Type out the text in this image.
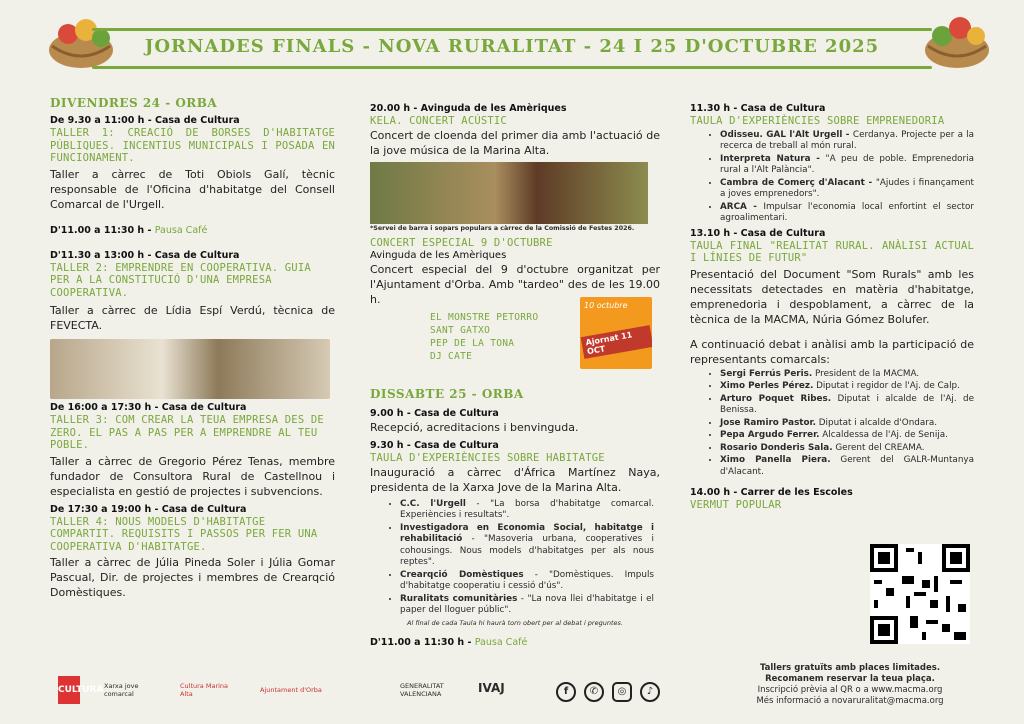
JORNADES FINALS - NOVA RURALITAT - 24 I 25 D'OCTUBRE 2025
DIVENDRES 24 - ORBA
De 9.30 a 11:00 h - Casa de Cultura
TALLER 1: CREACIÓ DE BORSES D'HABITATGE PÚBLIQUES. INCENTIUS MUNICIPALS I POSADA EN FUNCIONAMENT.
Taller a càrrec de Toti Obiols Galí, tècnic responsable de l'Oficina d'habitatge del Consell Comarcal de l'Urgell.
D'11.00 a 11:30 h - Pausa Café
D'11.30 a 13:00 h - Casa de Cultura
TALLER 2: EMPRENDRE EN COOPERATIVA. GUIA PER A LA CONSTITUCIÓ D'UNA EMPRESA COOPERATIVA.
Taller a càrrec de Lídia Espí Verdú, tècnica de FEVECTA.
De 16:00 a 17:30 h - Casa de Cultura
TALLER 3: COM CREAR LA TEUA EMPRESA DES DE ZERO. EL PAS A PAS PER A EMPRENDRE AL TEU POBLE.
Taller a càrrec de Gregorio Pérez Tenas, membre fundador de Consultora Rural de Castellnou i especialista en gestió de projectes i subvencions.
De 17:30 a 19:00 h - Casa de Cultura
TALLER 4: NOUS MODELS D'HABITATGE COMPARTIT. REQUISITS I PASSOS PER FER UNA COOPERATIVA D'HABITATGE.
Taller a càrrec de Júlia Pineda Soler i Júlia Gomar Pascual, Dir. de projectes i membres de Crearqció Domèstiques.
20.00 h - Avinguda de les Amèriques
KELA. CONCERT ACÚSTIC
Concert de cloenda del primer dia amb l'actuació de la jove música de la Marina Alta.
*Servei de barra i sopars populars a càrrec de la Comissió de Festes 2026.
CONCERT ESPECIAL 9 D'OCTUBRE
Avinguda de les Amèriques
Concert especial del 9 d'octubre organitzat per l'Ajuntament d'Orba. Amb "tardeo" des de les 19.00 h.
EL MONSTRE PETORRO
SANT GATXO
PEP DE LA TONA
DJ CATE
10 octubre
Ajornat 11 OCT
DISSABTE 25 - ORBA
9.00 h - Casa de Cultura
Recepció, acreditacions i benvinguda.
9.30 h - Casa de Cultura
TAULA D'EXPERIÈNCIES SOBRE HABITATGE
Inauguració a càrrec d'África Martínez Naya, presidenta de la Xarxa Jove de la Marina Alta.
• C.C. l'Urgell - "La borsa d'habitatge comarcal. Experiències i resultats".
• Investigadora en Economia Social, habitatge i rehabilitació - "Masoveria urbana, cooperatives i cohousings. Nous models d'habitatges per als nous reptes".
• Crearqció Domèstiques - "Domèstiques. Impuls d'habitatge cooperatiu i cessió d'ús".
• Ruralitats comunitàries - "La nova llei d'habitatge i el paper del lloguer públic".
Al final de cada Taula hi haurà torn obert per al debat i preguntes.
D'11.00 a 11:30 h - Pausa Café
11.30 h - Casa de Cultura
TAULA D'EXPERIÈNCIES SOBRE EMPRENEDORIA
• Odisseu. GAL l'Alt Urgell - Cerdanya. Projecte per a la recerca de treball al món rural.
• Interpreta Natura - "A peu de poble. Emprenedoria rural a l'Alt Palància".
• Cambra de Comerç d'Alacant - "Ajudes i finançament a joves emprenedors".
• ARCA - Impulsar l'economia local enfortint el sector agroalimentari.
13.10 h - Casa de Cultura
TAULA FINAL "REALITAT RURAL. ANÀLISI ACTUAL I LÍNIES DE FUTUR"
Presentació del Document "Som Rurals" amb les necessitats detectades en matèria d'habitatge, emprenedoria i despoblament, a càrrec de la tècnica de la MACMA, Núria Gómez Bolufer.
A continuació debat i anàlisi amb la participació de representants comarcals:
• Sergi Ferrús Peris. President de la MACMA.
• Ximo Perles Pérez. Diputat i regidor de l'Aj. de Calp.
• Arturo Poquet Ribes. Diputat i alcalde de l'Aj. de Benissa.
• Jose Ramiro Pastor. Diputat i alcalde d'Ondara.
• Pepa Argudo Ferrer. Alcaldessa de l'Aj. de Senija.
• Rosario Donderis Sala. Gerent del CREAMA.
• Ximo Panella Piera. Gerent del GALR-Muntanya d'Alacant.
14.00 h - Carrer de les Escoles
VERMUT POPULAR
CULTURA Xarxa jove comarcal
Cultura Marina Alta	Ajuntament d'Orba	GENERALITAT VALENCIANA	IVAJ	f	✆	◎	♪
Tallers gratuïts amb places limitades.
Recomanem reservar la teua plaça.
Inscripció prèvia al QR o a www.macma.org
Més informació a novaruralitat@macma.org
